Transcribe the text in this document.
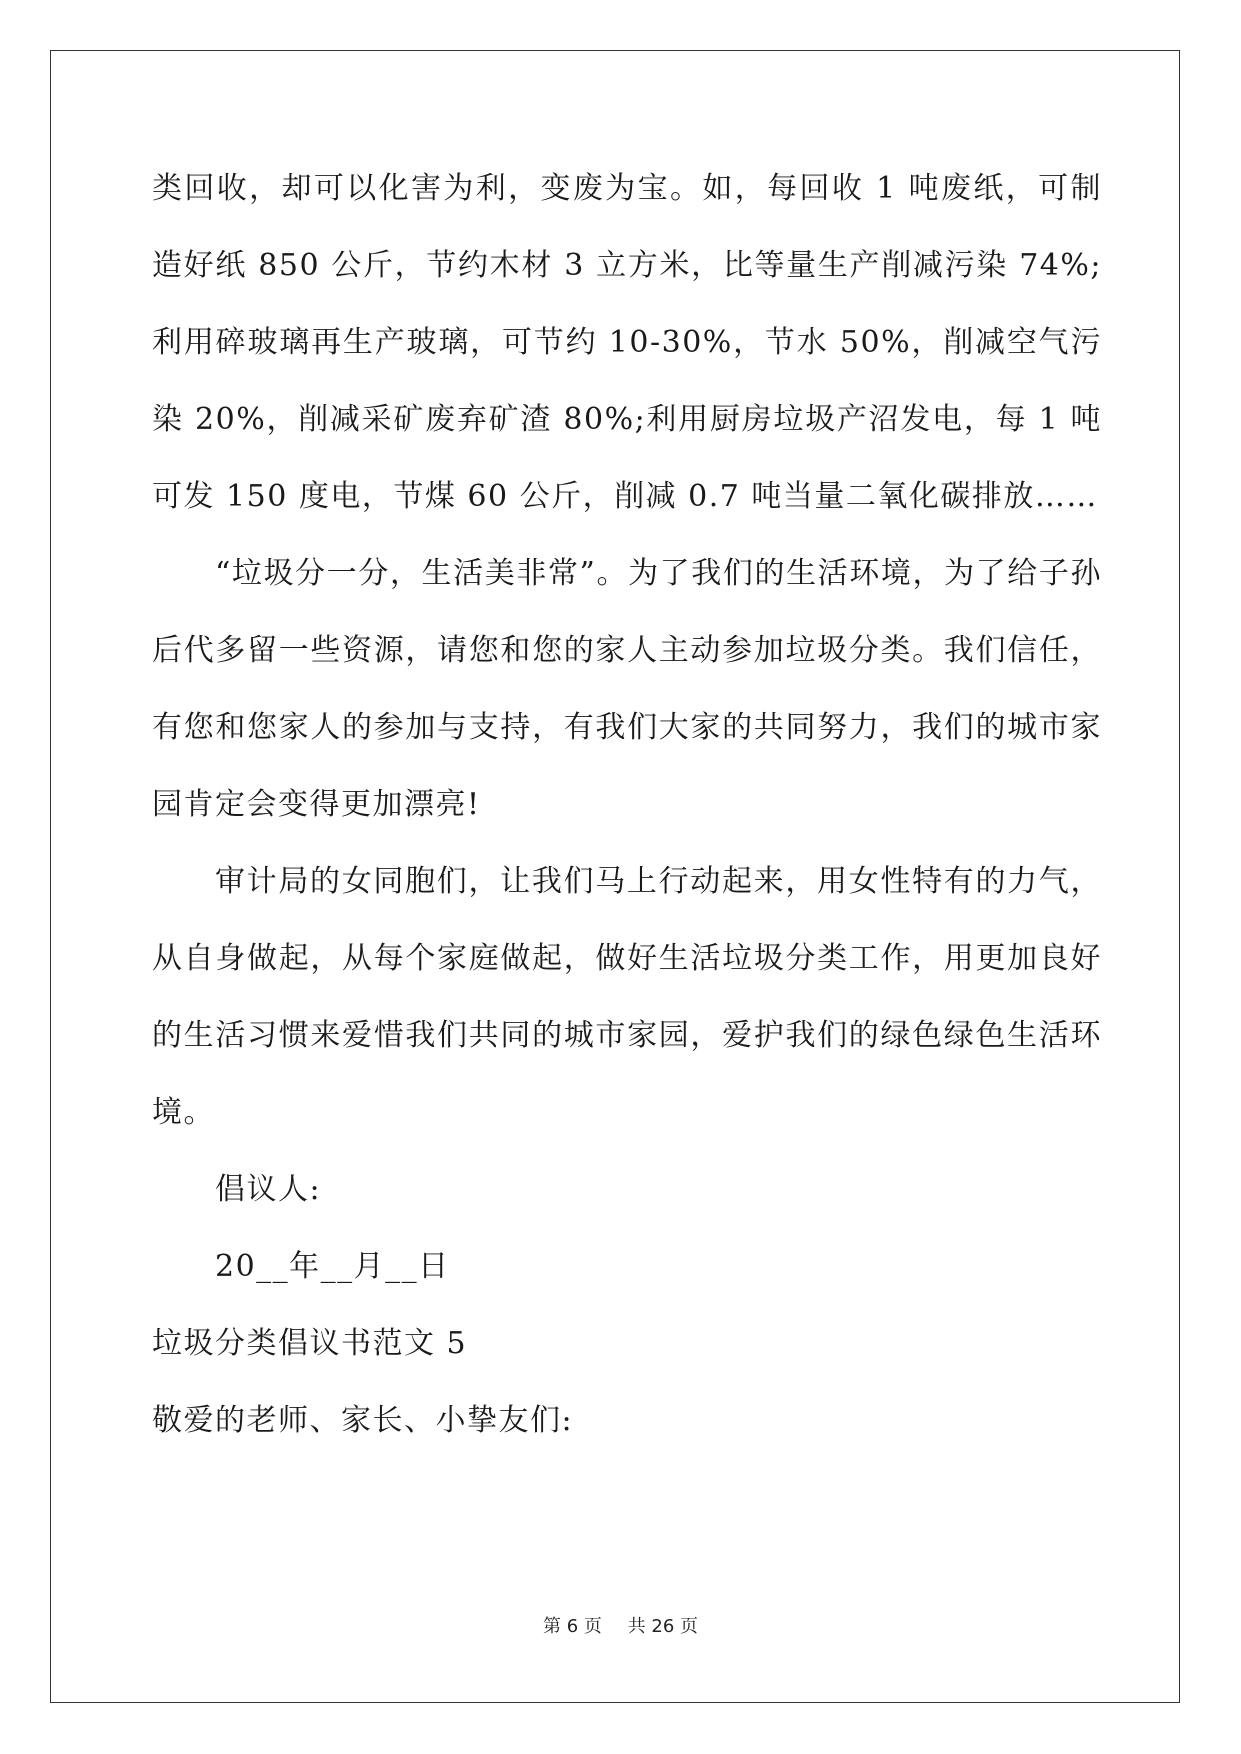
类回收，却可以化害为利，变废为宝。如，每回收 1 吨废纸，可制造好纸 850 公斤，节约木材 3 立方米，比等量生产削减污染 74%;利用碎玻璃再生产玻璃，可节约 10-30%，节水 50%，削减空气污染 20%，削减采矿废弃矿渣 80%;利用厨房垃圾产沼发电，每 1 吨可发 150 度电，节煤 60 公斤，削减 0.7 吨当量二氧化碳排放……

“垃圾分一分，生活美非常”。为了我们的生活环境，为了给子孙后代多留一些资源，请您和您的家人主动参加垃圾分类。我们信任，有您和您家人的参加与支持，有我们大家的共同努力，我们的城市家园肯定会变得更加漂亮!

审计局的女同胞们，让我们马上行动起来，用女性特有的力气，从自身做起，从每个家庭做起，做好生活垃圾分类工作，用更加良好的生活习惯来爱惜我们共同的城市家园，爱护我们的绿色绿色生活环境。

倡议人:

20__年__月__日

垃圾分类倡议书范文 5

敬爱的老师、家长、小挚友们:

第 6 页 共 26 页
